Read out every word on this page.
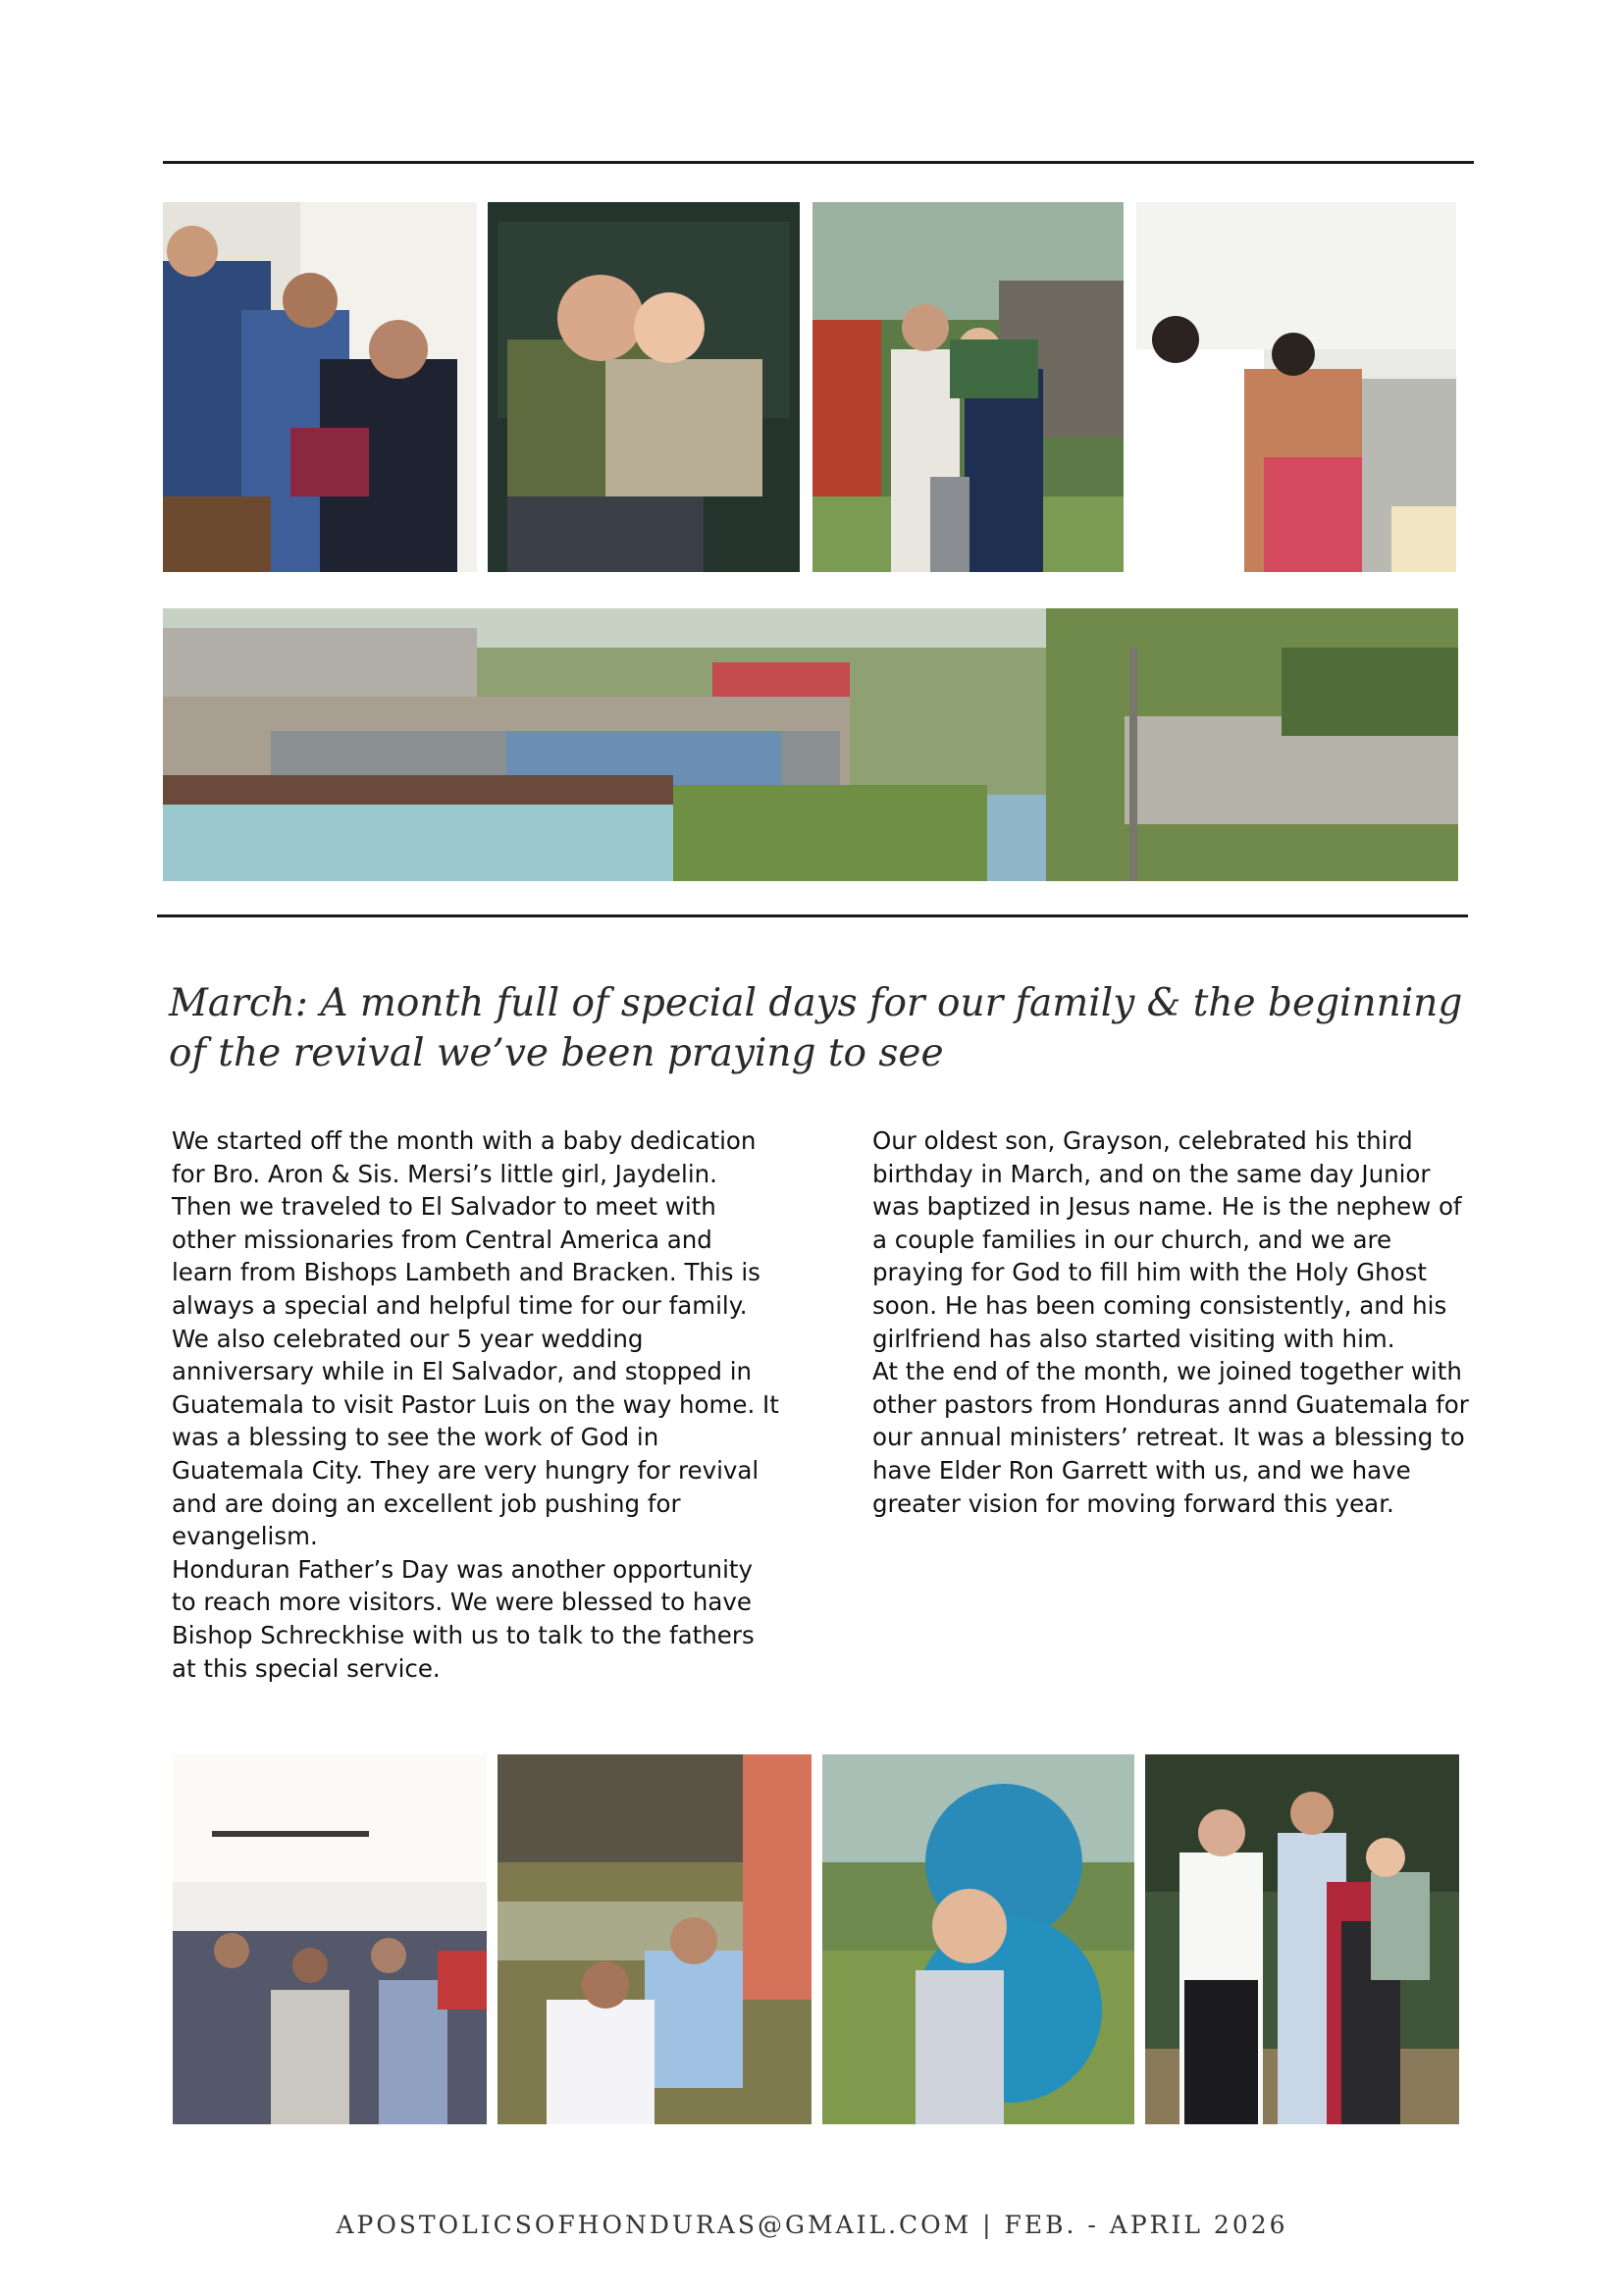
March: A month full of special days for our family & the beginning of the revival we’ve been praying to see

We started off the month with a baby dedication for Bro. Aron & Sis. Mersi’s little girl, Jaydelin. Then we traveled to El Salvador to meet with other missionaries from Central America and learn from Bishops Lambeth and Bracken. This is always a special and helpful time for our family.

We also celebrated our 5 year wedding anniversary while in El Salvador, and stopped in Guatemala to visit Pastor Luis on the way home. It was a blessing to see the work of God in Guatemala City. They are very hungry for revival and are doing an excellent job pushing for evangelism.

Honduran Father’s Day was another opportunity to reach more visitors. We were blessed to have Bishop Schreckhise with us to talk to the fathers at this special service.

Our oldest son, Grayson, celebrated his third birthday in March, and on the same day Junior was baptized in Jesus name. He is the nephew of a couple families in our church, and we are praying for God to fill him with the Holy Ghost soon. He has been coming consistently, and his girlfriend has also started visiting with him.

At the end of the month, we joined together with other pastors from Honduras annd Guatemala for our annual ministers’ retreat. It was a blessing to have Elder Ron Garrett with us, and we have greater vision for moving forward this year.

APOSTOLICSOFHONDURAS@GMAIL.COM | FEB. - APRIL 2026
